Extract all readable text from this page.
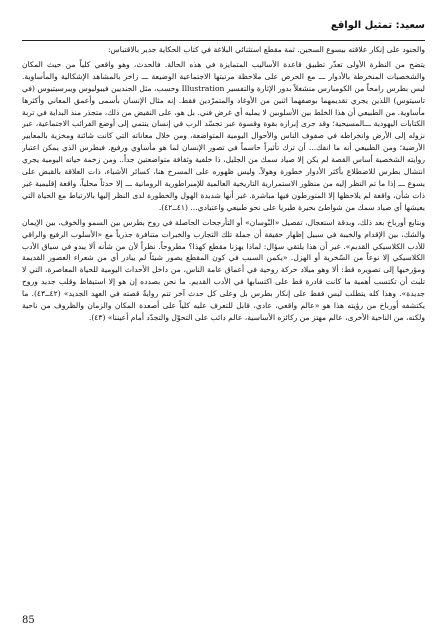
سعيد: تمثيل الواقع

والجنود على إنكار علاقته بيسوع السجين. ثمة مقطع استثنائي البلاغة في كتاب الحكاية جدير بالاقتباس:

يتضح من النظرة الأولى تعذّر تطبيق قاعدة الأساليب المتمايزة في هذه الحالة. فالحدث، وهو واقعي كلياً من حيث المكان والشخصيات المنخرطة بالأدوار ـــ مع الحرص على ملاحظة مرتبتها الاجتماعية الوضيعة ـــ زاخر بالمشاهد الإشكالية والمأساوية. ليس بطرس رامحاً من الكومبارس منشغلاً بدور الإثارة والتفسير Illustration وحسب، مثل الجنديين فيبوليوس ويبرسيتيوس (في تاسيتوس) اللذين يجري تقديمهما بوصفهما اثنين من الأوغاد والمتمرّدين فقط. إنه مثال الإنسان بأسمى وأعمق المعاني وأكثرها مأساوية. من الطبيعي أن هذا الخلط بين الأسلوبين لا يمليه أي غرض فني. بل هو، على النقيض من ذلك، متجذر منذ البداية في تربة الكتابات اليهودية ـــالمسيحية؛ وقد جرى إبرازه بقوة وقسوة عبر تجسّد الرب في إنسان ينتمي إلى أوضع الفرائب الاجتماعية، عبر نزوله إلى الأرض وانخراطه في صفوف الناس والأحوال اليومية المتواضعة، ومن خلال معاناته التي كانت شائنة ومخزية بالمعايير الأرضية؛ ومن الطبيعي أنه ما انفك... أن ترك تأثيراً حاسماً في تصور الإنسان لما هو مأساوي ورفيع. فبطرس الذي يمكن اعتبار روايته الشخصية أساس القصة لم يكن إلا صياد سمك من الجليل، ذا خلفية وثقافة متواضعتين جداً.. ومن زخمة حياته اليومية يجري انتشال بطرس للاضطلاع بأكثر الأدوار خطورة وهولاً. وليس ظهوره على المسرح هنا، كسائر الأشياء، ذات العلاقة بالقبض على يسوع ـــ إذا ما تم النظر إليه من منظور الاستمرارية التاريخية العالمية للإمبراطورية الرومانية ـــ إلا حدثاً محلياً، واقعة إقليمية غير ذات شأن، واقعة لم يلاحظها إلا المتورطون فيها مباشرة. غير أنها شديدة الهول والخطورة لدى النظر إليها بالارتباط مع الحياة التي يعيشها أي صياد سمك من شواطئ بحيرة طبريا على نحو طبيعي واعتيادي... (٤١ــ٤٢).

وبتابع أورباخ بعد ذلك، وبدقة استعجال، تفصيل «النّوسان» أو التأرجحات الحاصلة في روح بطرس بين السمو والخوف، بين الإيمان والشك، بين الإقدام والخيبة في سبيل إظهار حقيقة أن جملة تلك التجارب والخبرات متنافرة جذرياً مع «الأسلوب الرفيع والراقي للأدب الكلاسيكي القديم». غير أن هذا يلتقي سؤال: لماذا يهزنا مقطع كهذا؟ مطروحاً. نظراً لأن من شأنه ألا يبدو في سياق الأدب الكلاسيكي إلا نوعاً من السّخرية أو الهزل. «يكمن السبب في كون المقطع يصور شيئاً لم يبادر أي من شعراء العصور القديمة ومؤرخيها إلى تصويره قط: ألا وهو ميلاد حركة روحية في أعماق عامة الناس، من داخل الأحداث اليومية للحياة المعاصرة، التي لا تلبث أن تكتسب أهمية ما كانت قادرة قط على اكتسابها في الأدب القديم. ما نحن بصدده إن هو إلا استيقاظ وقلب جديد وروح جديدة». وهذا كله يتطلب ليس فقط على إنكار بطرس بل وعلى كل حدث آخر تتم روايةٌ قصته في العهد الجديد» (٤٢ــ٤٣). ما يكتشفه أورباخ من رؤيته هذا هو «عالم واقعي، عادي، قابل للتعرف عليه كلياً على أصعدة المكان والزمان والظروف من ناحية ولكنه، من الناحية الأخرى، عالم مهتز من ركائزه الأساسية، عالم دائب على التحوّل والتجدّد أمام أعيننا» (٤٣).

85
